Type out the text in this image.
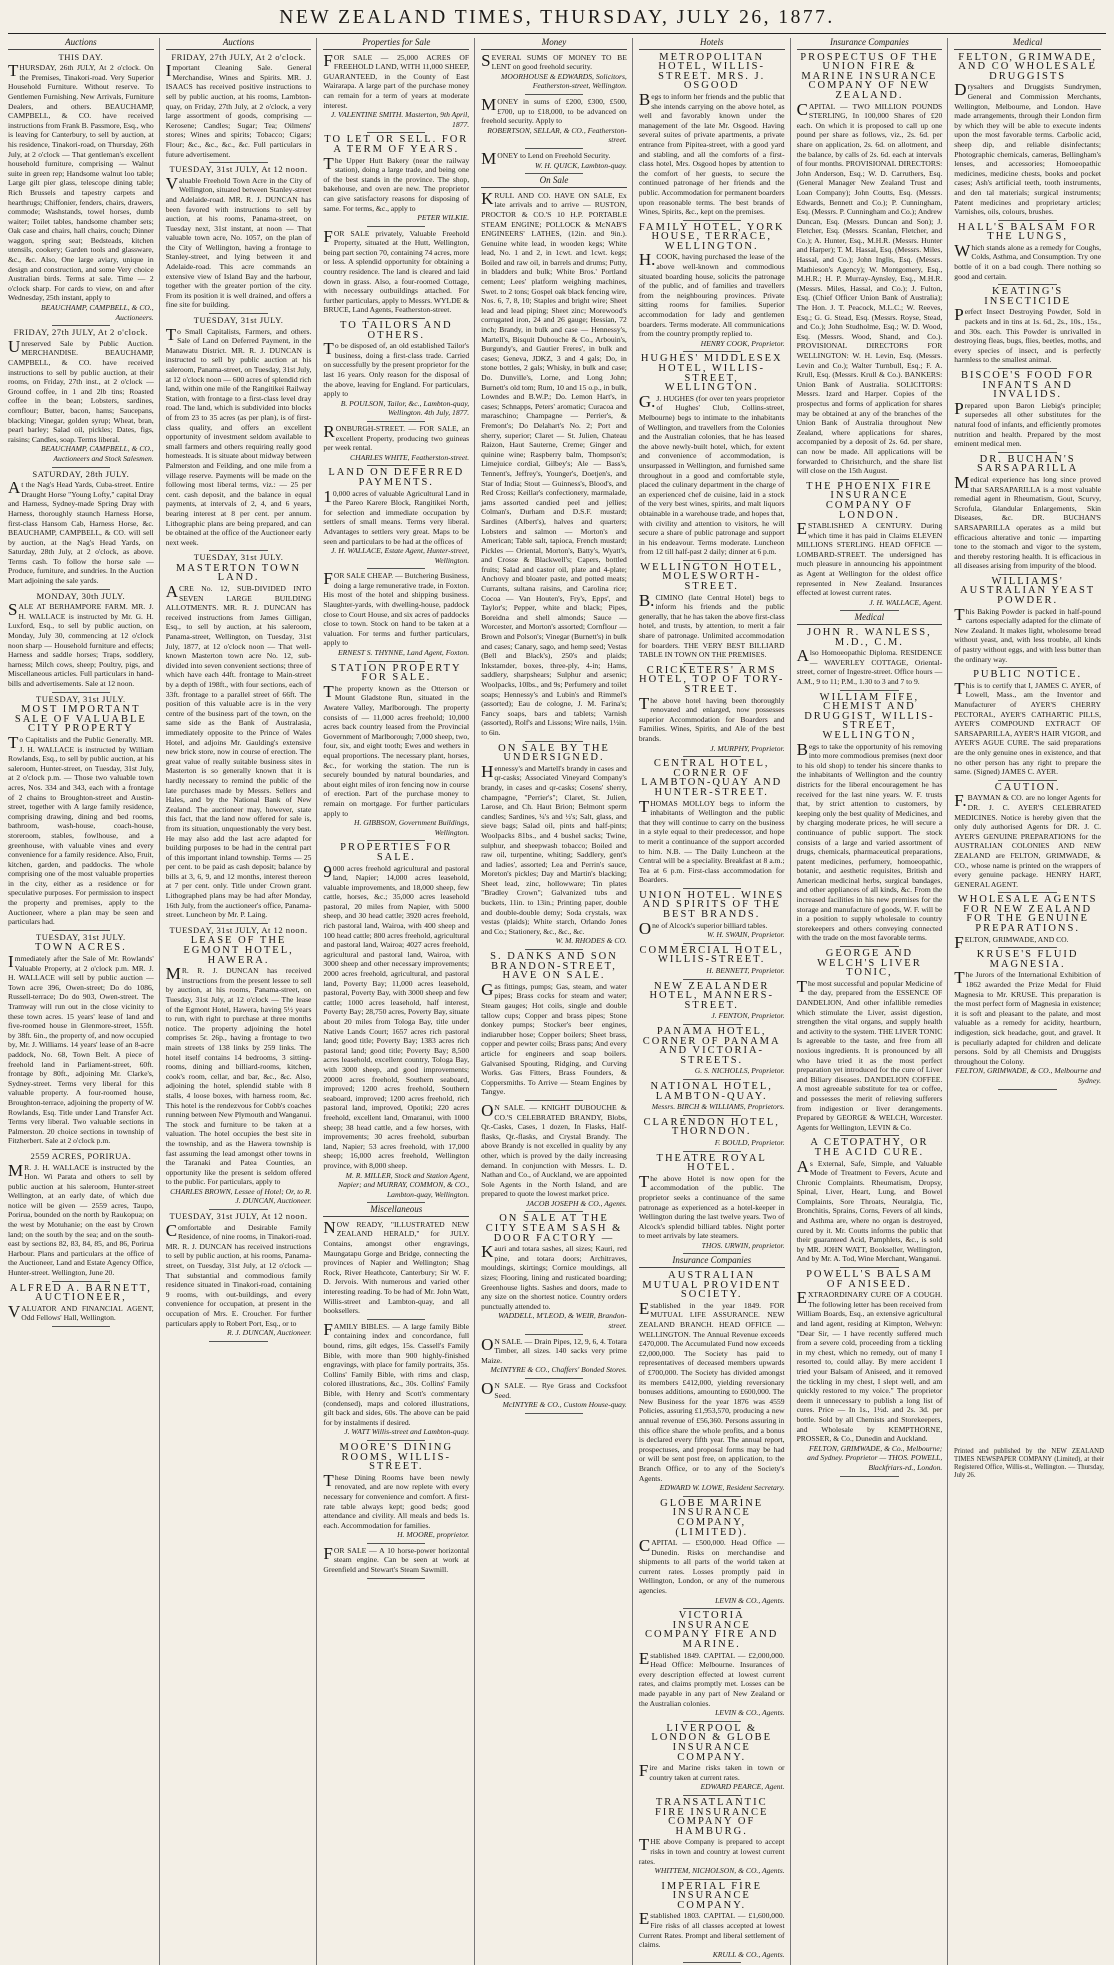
NEW ZEALAND TIMES, THURSDAY, JULY 26, 1877.
Auctions

THIS DAY.

THURSDAY, 26th JULY, At 2 o'clock. On the Premises, Tinakori-road. Very Superior Household Furniture. Without reserve. To Gentlemen Furnishing. New Arrivals, Furniture Dealers, and others. BEAUCHAMP, CAMPBELL, & CO. have received instructions from Frank B. Passmore, Esq., who is leaving for Canterbury, to sell by auction, at his residence, Tinakori-road, on Thursday, 26th July, at 2 o'clock — That gentleman's excellent household furniture, comprising — Walnut suite in green rep; Handsome walnut loo table; Large gilt pier glass, telescope dining table; Rich Brussels and tapestry carpets and hearthrugs; Chiffonier, fenders, chairs, drawers, commode; Washstands, towel horses, dumb waiter; Toilet tables, handsome chamber sets; Oak case and chairs, hall chairs, couch; Dinner waggon, spring seat; Bedsteads, kitchen utensils, cookery; Garden tools and glassware, &c., &c. Also, One large aviary, unique in design and construction, and some Very choice Australian birds. Terms at sale. Time — 2 o'clock sharp. For cards to view, on and after Wednesday, 25th instant, apply to

BEAUCHAMP, CAMPBELL, & CO., Auctioneers.

FRIDAY, 27th JULY, At 2 o'clock.

Unreserved Sale by Public Auction. MERCHANDISE. BEAUCHAMP, CAMPBELL, & CO. have received instructions to sell by public auction, at their rooms, on Friday, 27th inst., at 2 o'clock — Ground coffee, in 1 and 2lb tins; Roasted coffee in the bean; Lobsters, sardines, cornflour; Butter, bacon, hams; Saucepans, blacking; Vinegar, golden syrup; Wheat, bran, pearl barley; Salad oil, pickles; Dates, figs, raisins; Candles, soap. Terms liberal.

BEAUCHAMP, CAMPBELL, & CO., Auctioneers and Stock Salesmen.

SATURDAY, 28th JULY.

At the Nag's Head Yards, Cuba-street. Entire Draught Horse "Young Lofty," capital Dray and Harness, Sydney-made Spring Dray with Harness, thoroughly staunch Harness Horse, first-class Hansom Cab, Harness Horse, &c. BEAUCHAMP, CAMPBELL, & CO. will sell by auction, at the Nag's Head Yards, on Saturday, 28th July, at 2 o'clock, as above. Terms cash. To follow the horse sale — Produce, furniture, and sundries. In the Auction Mart adjoining the sale yards.

MONDAY, 30th JULY.

SALE AT BERHAMPORE FARM. MR. J. H. WALLACE is instructed by Mr. G. H. Luxford, Esq., to sell by public auction, on Monday, July 30, commencing at 12 o'clock noon sharp — Household furniture and effects; Harness and saddle horses; Traps, soddlery, harness; Milch cows, sheep; Poultry, pigs, and Miscellaneous articles. Full particulars in hand-bills and advertisements. Sale at 12 noon.

TUESDAY, 31st JULY.

MOST IMPORTANT SALE OF VALUABLE CITY PROPERTY

To Capitalists and the Public Generally. MR. J. H. WALLACE is instructed by William Rowlands, Esq., to sell by public auction, at his saleroom, Hunter-street, on Tuesday, 31st July, at 2 o'clock p.m. — Those two valuable town acres, Nos. 334 and 343, each with a frontage of 2 chains to Broughton-street and Austin-street, together with A large family residence, comprising drawing, dining and bed rooms, bathroom, wash-house, coach-house, storeroom, stables, fowlhouse, and a greenhouse, with valuable vines and every convenience for a family residence. Also, Fruit, kitchen, garden, and paddocks. The whole comprising one of the most valuable properties in the city, either as a residence or for speculative purposes. For permission to inspect the property and premises, apply to the Auctioneer, where a plan may be seen and particulars had.

TUESDAY, 31st JULY.

TOWN ACRES.

Immediately after the Sale of Mr. Rowlands' Valuable Property, at 2 o'clock p.m. MR. J. H. WALLACE will sell by public auction — Town acre 396, Owen-street; Do do 1086, Russell-terrace; Do do 903, Owen-street. The Tramway will run out in the close vicinity to these town acres. 15 years' lease of land and five-roomed house in Glenmore-street, 155ft. by 38ft. 6in., the property of, and now occupied by, Mr. J. Williams. 14 years' lease of an 8-acre paddock, No. 68, Town Belt. A piece of freehold land in Parliament-street, 60ft. frontage by 80ft., adjoining Mr. Clarke's, Sydney-street. Terms very liberal for this valuable property. A four-roomed house, Broughton-terrace, adjoining the property of W. Rowlands, Esq. Title under Land Transfer Act. Terms very liberal. Two valuable sections in Palmerston. 20 choice sections in township of Fitzherbert. Sale at 2 o'clock p.m.

2559 ACRES, PORIRUA.

MR. J. H. WALLACE is instructed by the Hon. Wi Parata and others to sell by public auction at his saleroom, Hunter-street Wellington, at an early date, of which due notice will be given — 2559 acres, Taupo, Porirua, bounded on the north by Raukopua; on the west by Motuhanie; on the east by Crown land; on the south by the sea; and on the south-east by sections 82, 83, 84, 85, and 86, Porirua Harbour. Plans and particulars at the office of the Auctioneer, Land and Estate Agency Office, Hunter-street. Wellington, June 20.

ALFRED A. BARNETT, AUCTIONEER,

VALUATOR AND FINANCIAL AGENT, Odd Fellows' Hall, Wellington.

Auctions

FRIDAY, 27th JULY, At 2 o'clock.

Important Cleaning Sale. General Merchandise, Wines and Spirits. MR. J. ISAACS has received positive instructions to sell by public auction, at his rooms, Lambton-quay, on Friday, 27th July, at 2 o'clock, a very large assortment of goods, comprising — Kerosene; Candles; Sugar; Tea; Oilmens' stores; Wines and spirits; Tobacco; Cigars; Flour; &c., &c., &c., &c. Full particulars in future advertisement.

TUESDAY, 31st JULY, At 12 noon.

Valuable Freehold Town Acre in the City of Wellington, situated between Stanley-street and Adelaide-road. MR. R. J. DUNCAN has been favored with instructions to sell by auction, at his rooms, Panama-street, on Tuesday next, 31st instant, at noon — That valuable town acre, No. 1057, on the plan of the City of Wellington, having a frontage to Stanley-street, and lying between it and Adelaide-road. This acre commands an extensive view of Island Bay and the harbour, together with the greater portion of the city. From its position it is well drained, and offers a fine site for building.

TUESDAY, 31st JULY.

To Small Capitalists, Farmers, and others. Sale of Land on Deferred Payment, in the Manawatu District. MR. R. J. DUNCAN is instructed to sell by public auction at his saleroom, Panama-street, on Tuesday, 31st July, at 12 o'clock noon — 600 acres of splendid rich land, within one mile of the Rangitikei Railway Station, with frontage to a first-class level dray road. The land, which is subdivided into blocks of from 23 to 35 acres (as per plan), is of first-class quality, and offers an excellent opportunity of investment seldom available to small farmers and others requiring really good homesteads. It is situate about midway between Palmerston and Feilding, and one mile from a village reserve. Payments will be made on the following most liberal terms, viz.: — 25 per cent. cash deposit, and the balance in equal payments, at intervals of 2, 4, and 6 years, bearing interest at 8 per cent. per annum. Lithographic plans are being prepared, and can be obtained at the office of the Auctioneer early next week.

TUESDAY, 31st JULY.

MASTERTON TOWN LAND.

ACRE No. 12, SUB-DIVIDED INTO SEVEN LARGE BUILDING ALLOTMENTS. MR. R. J. DUNCAN has received instructions from James Gilligan, Esq., to sell by auction, at his saleroom, Panama-street, Wellington, on Tuesday, 31st July, 1877, at 12 o'clock noon — That well-known Masterton town acre No. 12, sub-divided into seven convenient sections; three of which have each 44ft. frontage to Main-street by a depth of 198ft., with four sections, each of 33ft. frontage to a parallel street of 66ft. The position of this valuable acre is in the very centre of the business part of the town, on the same side as the Bank of Australasia, immediately opposite to the Prince of Wales Hotel, and adjoins Mr. Gaulding's extensive new brick store, now in course of erection. The great value of really suitable business sites in Masterton is so generally known that it is hardly necessary to remind the public of the late purchases made by Messrs. Sellers and Hales, and by the National Bank of New Zealand. The auctioneer may, however, state this fact, that the land now offered for sale is, from its situation, unquestionably the very best. He may also add the last acre adapted for building purposes to be had in the central part of this important inland township. Terms — 25 per cent. to be paid as cash deposit; balance by bills at 3, 6, 9, and 12 months, interest thereon at 7 per cent. only. Title under Crown grant. Lithographed plans may be had after Monday, 16th July, from the auctioneer's office, Panama-street. Luncheon by Mr. P. Laing.

TUESDAY, 31st JULY, At 12 noon.

LEASE OF THE EGMONT HOTEL, HAWERA.

MR. R. J. DUNCAN has received instructions from the present lessee to sell by auction, at his rooms, Panama-street, on Tuesday, 31st July, at 12 o'clock — The lease of the Egmont Hotel, Hawera, having 5½ years to run, with right to purchase at three months notice. The property adjoining the hotel comprises 5r. 26p., having a frontage to two main streets of 138 links by 259 links. The hotel itself contains 14 bedrooms, 3 sitting-rooms, dining and billiard-rooms, kitchen, cook's room, cellar, and bar, &c., &c. Also, adjoining the hotel, splendid stable with 8 stalls, 4 loose boxes, with harness room, &c. This hotel is the rendezvous for Cobb's coaches running between New Plymouth and Wanganui. The stock and furniture to be taken at a valuation. The hotel occupies the best site in the township, and as the Hawera township is fast assuming the lead amongst other towns in the Taranaki and Patea Counties, an opportunity like the present is seldom offered to the public. For particulars, apply to

CHARLES BROWN, Lessee of Hotel; Or, to R. J. DUNCAN, Auctioneer.

TUESDAY, 31st JULY, At 12 noon.

Comfortable and Desirable Family Residence, of nine rooms, in Tinakori-road. MR. R. J. DUNCAN has received instructions to sell by public auction, at his rooms, Panama-street, on Tuesday, 31st July, at 12 o'clock — That substantial and commodious family residence situated in Tinakori-road, containing 9 rooms, with out-buildings, and every convenience for occupation, at present in the occupation of Mrs. E. Croucher. For further particulars apply to Robert Port, Esq., or to

R. J. DUNCAN, Auctioneer.

Properties for Sale

FOR SALE — 25,000 ACRES OF FREEHOLD LAND, WITH 11,000 SHEEP, GUARANTEED, in the County of East Wairarapa. A large part of the purchase money can remain for a term of years at moderate interest.

J. VALENTINE SMITH. Masterton, 9th April, 1877.

TO LET OR SELL. FOR A TERM OF YEARS.

The Upper Hutt Bakery (near the railway station), doing a large trade, and being one of the best stands in the province. The shop, bakehouse, and oven are new. The proprietor can give satisfactory reasons for disposing of same. For terms, &c., apply to

PETER WILKIE.

FOR SALE privately, Valuable Freehold Property, situated at the Hutt, Wellington, being part section 70, containing 74 acres, more or less. A splendid opportunity for obtaining a country residence. The land is cleared and laid down in grass. Also, a four-roomed Cottage, with necessary outbuildings attached. For further particulars, apply to Messrs. WYLDE & BRUCE, Land Agents, Featherston-street.

TO TAILORS AND OTHERS.

To be disposed of, an old established Tailor's business, doing a first-class trade. Carried on successfully by the present proprietor for the last 16 years. Only reason for the disposal of the above, leaving for England. For particulars, apply to

B. POULSON, Tailor, &c., Lambton-quay, Wellington. 4th July, 1877.

RONBURGH-STREET. — FOR SALE, an excellent Property, producing two guineas per week rental.

CHARLES WHITE, Featherston-street.

LAND ON DEFERRED PAYMENTS.

10,000 acres of valuable Agricultural Land in the Pareo Karere Block, Rangitikei North, for selection and immediate occupation by settlers of small means. Terms very liberal. Advantages to settlers very great. Maps to be seen and particulars to be had at the offices of

J. H. WALLACE, Estate Agent, Hunter-street, Wellington.

FOR SALE CHEAP. — Butchering Business, doing a large remunerative trade, in Foxton. His most of the hotel and shipping business. Slaughter-yards, with dwelling-house, paddock close to Court House, and six acres of paddocks close to town. Stock on hand to be taken at a valuation. For terms and further particulars, apply to

ERNEST S. THYNNE, Land Agent, Foxton.

STATION PROPERTY FOR SALE.

The property known as the Otterson or Mount Gladstone Run, situated in the Awatere Valley, Marlborough. The property consists of — 11,000 acres freehold; 10,000 acres back country leased from the Provincial Government of Marlborough; 7,000 sheep, two, four, six, and eight tooth; Ewes and wethers in equal proportions. The necessary plant, horses, &c., for working the station. The run is securely bounded by natural boundaries, and about eight miles of iron fencing now in course of erection. Part of the purchase money to remain on mortgage. For further particulars apply to

H. GIBBSON, Government Buildings, Wellington.

PROPERTIES FOR SALE.

9000 acres freehold agricultural and pastoral land, Napier; 14,000 acres leasehold, valuable improvements, and 18,000 sheep, few cattle, horses, &c.; 35,000 acres leasehold pastoral, 20 miles from Napier, with 5000 sheep, and 30 head cattle; 3920 acres freehold, rich pastoral land, Wairoa, with 400 sheep and 100 head cattle; 800 acres freehold, agricultural and pastoral land, Wairoa; 4027 acres freehold, agricultural and pastoral land, Wairoa, with 3000 sheep and other necessary improvements; 2000 acres freehold, agricultural, and pastoral land, Poverty Bay; 11,000 acres leasehold, pastoral, Poverty Bay, with 3000 sheep and few cattle; 1000 acres leasehold, half interest, Poverty Bay; 28,750 acres, Poverty Bay, situate about 20 miles from Tologa Bay, title under Native Lands Court; 1657 acres rich pastoral land; good title; Poverty Bay; 1383 acres rich pastoral land; good title; Poverty Bay; 8,500 acres leasehold, excellent country, Tologa Bay, with 3000 sheep, and good improvements; 20000 acres freehold, Southern seaboard, improved; 1200 acres freehold, Southern seaboard, improved; 1200 acres freehold, rich pastoral land, improved, Opotiki; 220 acres freehold, excellent land, Omaranui, with 1000 sheep; 38 head cattle, and a few horses, with improvements; 30 acres freehold, suburban land, Napier; 53 acres freehold, with 17,000 sheep; 16,000 acres freehold, Wellington province, with 8,000 sheep.

M. R. MILLER, Stock and Station Agent, Napier; and MURRAY, COMMON, & CO., Lambton-quay, Wellington.

Miscellaneous

NOW READY, "ILLUSTRATED NEW ZEALAND HERALD," for JULY. Contains, amongst other engravings, Maungatapu Gorge and Bridge, connecting the provinces of Napier and Wellington; Shag Rock, River Heathcote, Canterbury; Sir W. F. D. Jervois. With numerous and varied other interesting reading. To be had of Mr. John Watt, Willis-street and Lambton-quay, and all booksellers.

FAMILY BIBLES. — A large family Bible containing index and concordance, full bound, rims, gilt edges, 15s. Cassell's Family Bible, with more than 900 highly-finished engravings, with place for family portraits, 35s. Collins' Family Bible, with rims and clasp, colored illustrations, &c., 30s. Collins' Family Bible, with Henry and Scott's commentary (condensed), maps and colored illustrations, gilt back and sides, 60s. The above can be paid for by instalments if desired.

J. WATT Willis-street and Lambton-quay.

MOORE'S DINING ROOMS, WILLIS-STREET.

These Dining Rooms have been newly renovated, and are now replete with every necessary for convenience and comfort. A first-rate table always kept; good beds; good attendance and civility. All meals and beds 1s. each. Accommodation for families.

H. MOORE, proprietor.

FOR SALE — A 10 horse-power horizontal steam engine. Can be seen at work at Greenfield and Stewart's Steam Sawmill.

Money

SEVERAL SUMS OF MONEY TO BE LENT on good freehold security.

MOORHOUSE & EDWARDS, Solicitors, Featherston-street, Wellington.

MONEY in sums of £200, £300, £500, £700, up to £18,000, to be advanced on freehold security. Apply to

ROBERTSON, SELLAR, & CO., Featherston-street.

MONEY to Lend on Freehold Security.

W. H. QUICK, Lambton-quay.

On Sale

KRULL AND CO. HAVE ON SALE, Ex late arrivals and to arrive — RUSTON, PROCTOR & CO.'S 10 H.P. PORTABLE STEAM ENGINE; POLLOCK & McNAB'S ENGINEERS' LATHES, (12in. and 9in.). Genuine white lead, in wooden kegs; White lead, No. 1 and 2, in 1cwt. and 1cwt. kegs; Boiled and raw oil, in barrels and drums; Putty, in bladders and bulk; White Bros.' Portland cement; Lees' platform weighing machines, Swet. to 2 tons; Gospel oak black fencing wire, Nos. 6, 7, 8, 10; Staples and bright wire; Sheet lead and lead piping; Sheet zinc; Morewood's corrugated iron, 24 and 26 gauge; Hessian, 72 inch; Brandy, in bulk and case — Hennessy's, Martell's, Bisquit Dubouche & Co., Arbouin's, Burgundy's, and Gautier Freres', in bulk and cases; Geneva, JDKZ, 3 and 4 gals; Do, in stone bottles, 2 gals; Whisky, in bulk and case; Do. Dunville's, Lorne, and Long John; Burnett's old tom; Rum, 10 and 15 o.p., in bulk, Lowndes and B.W.P.; Do. Lemon Hart's, in cases; Schnapps, Peters' aromatic; Curacoa and maraschino; Champagne — Perrier's, & Fremont's; Do Delahart's No. 2; Port and sherry, superior; Claret — St. Julien, Chateau Raizon, Haut Sauterne, Creme; Ginger and quinine wine; Raspberry balm, Thompson's; Limejuice cordial, Gilbey's; Ale — Bass's, Tennent's, Jeffrey's, Younger's, Doetjen's, and Star of India; Stout — Guinness's, Blood's, and Red Cross; Keillar's confectionery, marmalade, jams assorted candied peel and jellies; Colman's, Durham and D.S.F. mustard; Sardines (Albert's), halves and quarters; Lobsters and salmon — Morton's and American; Table salt, tapioca, French mustard; Pickles — Oriental, Morton's, Batty's, Wyatt's, and Crosse & Blackwell's; Capers, bottled fruits; Salad and castor oil, plate and 4-plate; Anchovy and bloater paste, and potted meats; Currants, sultana raisins, and Carolina rice; Cocoa — Van Houten's, Fry's, Epps', and Taylor's; Pepper, white and black; Pipes, Boreidna and shell almonds; Sauce — Worcester, and Morton's assorted; Cornflour — Brown and Polson's; Vinegar (Burnett's) in bulk and cases; Canary, sago, and hemp seed; Vestas (Bell and Black's), 250's and plaids; Inkstamder, boxes, three-ply, 4-in; Hams, saddlery, sharpshears; Sulphur and arsenic; Woolpacks, 10lbs., and 9s; Perfumery and toilet soaps; Hennessy's and Lubin's and Rimmel's (assorted); Eau de cologne, J. M. Farina's; Fancy soaps, bars and tablets; Varnish (assorted), Rolf's and Lissons; Wire nails, 1½in. to 6in.

ON SALE BY THE UNDERSIGNED.

Hennessy's and Martell's brandy in cases and qr-casks; Associated Vineyard Company's brandy, in cases and qr-casks; Cosens' sherry, champagne, "Perrier's"; Claret, St. Julien, Larose, and Ch. Haut Brion; Belmont sperm candles; Sardines, ¼'s and ½'s; Salt, glass, and sieve bags; Salad oil, pints and half-pints; Woolpacks 81bs., and 4 bushel sacks; Twine, sulphur, and sheepwash tobacco; Boiled and raw oil, turpentine, whiting; Saddlery, gent's and ladies', assorted; Lea and Perrin's sauce, Moreton's pickles; Day and Martin's blacking; Sheet lead, zinc, hollowware; Tin plates "Bradley Crown"; Galvanized tubs and buckets, 11in. to 13in.; Printing paper, double and double-double demy; Soda crystals, wax vestas (plaids); White starch, Orlando Jones and Co.; Stationery, &c., &c., &c.

W. M. RHODES & CO.

S. DANKS AND SON BRANDON-STREET, HAVE ON SALE.

Gas fittings, pumps; Gas, steam, and water pipes; Brass cocks for steam and water; Steam gauges; Hot coils, single and double tallow cups; Copper and brass pipes; Stone donkey pumps; Stocker's beer engines, indiarubber hose; Copper boilers; Sheet brass, copper and pewter coils; Brass pans; And every article for engineers and soap boilers. Galvanised Spouting, Ridging, and Curving Works. Gas Fitters, Brass Founders, & Coppersmiths. To Arrive — Steam Engines by Tangye.

ON SALE. — KNIGHT DUBOUCHE & CO.'S CELEBRATED BRANDY, Blobs, Qr.-Casks, Cases, 1 dozen, In Flasks, Half-flasks, Qr.-flasks, and Crystal Brandy. The above Brandy is not excelled in quality by any other, which is proved by the daily increasing demand. In conjunction with Messrs. L. D. Nathan and Co., of Auckland, we are appointed Sole Agents in the North Island, and are prepared to quote the lowest market price.

JACOB JOSEPH & CO., Agents.

ON SALE AT THE CITY STEAM SASH & DOOR FACTORY —

Kauri and totara sashes, all sizes; Kauri, red pine, and totara doors; Architraves, mouldings, skirtings; Cornice mouldings, all sizes; Flooring, lining and rusticated boarding; Greenhouse lights. Sashes and doors, made to any size on the shortest notice. Country orders punctually attended to.

WADDELL, M'LEOD, & WEIR, Brandon-street.

ON SALE. — Drain Pipes, 12, 9, 6, 4. Totara Timber, all sizes. 140 sacks very prime Maize.

McINTYRE & CO., Chaffers' Bonded Stores.

ON SALE. — Rye Grass and Cocksfoot Seed.

McINTYRE & CO., Custom House-quay.

Hotels

METROPOLITAN HOTEL, WILLIS-STREET. MRS. J. OSGOOD

Begs to inform her friends and the public that she intends carrying on the above hotel, as well and favorably known under the management of the late Mr. Osgood. Having several suites of private apartments, a private entrance from Pipitea-street, with a good yard and stabling, and all the comforts of a first-class hotel, Mrs. Osgood hopes by attention to the comfort of her guests, to secure the continued patronage of her friends and the public. Accommodation for permanent boarders upon reasonable terms. The best brands of Wines, Spirits, &c., kept on the premises.

FAMILY HOTEL, YORK HOUSE, TERRACE, WELLINGTON.

H.COOK, having purchased the lease of the above well-known and commodious situated boarding house, solicits the patronage of the public, and of families and travellers from the neighbouring provinces. Private sitting rooms for families. Superior accommodation for lady and gentlemen boarders. Terms moderate. All communications from the country promptly replied to.

HENRY COOK, Proprietor.

HUGHES' MIDDLESEX HOTEL, WILLIS-STREET, WELLINGTON.

G.J. HUGHES (for over ten years proprietor of Hughes' Club, Collins-street, Melbourne) begs to intimate to the inhabitants of Wellington, and travellers from the Colonies and the Australian colonies, that he has leased the above newly-built hotel, which, for extent and convenience of accommodation, is unsurpassed in Wellington, and furnished same throughout in a good and comfortable style, placed the culinary department in the charge of an experienced chef de cuisine, laid in a stock of the very best wines, spirits, and malt liquors obtainable in a warehouse trade, and hopes that, with civility and attention to visitors, he will secure a share of public patronage and support in his endeavour. Terms moderate. Luncheon from 12 till half-past 2 daily; dinner at 6 p.m.

WELLINGTON HOTEL, MOLESWORTH-STREET.

B.CIMINO (late Central Hotel) begs to inform his friends and the public generally, that he has taken the above first-class hotel, and trusts, by attention, to merit a fair share of patronage. Unlimited accommodation for boarders. THE VERY BEST BILLIARD TABLE IN TOWN ON THE PREMISES.

CRICKETERS' ARMS HOTEL, TOP OF TORY-STREET.

The above hotel having been thoroughly renovated and enlarged, now possesses superior Accommodation for Boarders and Families. Wines, Spirits, and Ale of the best brands.

J. MURPHY, Proprietor.

CENTRAL HOTEL, CORNER OF LAMBTON-QUAY AND HUNTER-STREET.

THOMAS MOLLOY begs to inform the inhabitants of Wellington and the public that they will continue to carry on the business in a style equal to their predecessor, and hope to merit a continuance of the support accorded to him. N.B. — The Daily Luncheon at the Central will be a speciality. Breakfast at 8 a.m.; Tea at 6 p.m. First-class accommodation for Boarders.

UNION HOTEL. WINES AND SPIRITS OF THE BEST BRANDS.

One of Alcock's superior billiard tables.

W. H. SWAIN, Proprietor.

COMMERCIAL HOTEL, WILLIS-STREET.

H. BENNETT, Proprietor.

NEW ZEALANDER HOTEL, MANNERS-STREET.

J. FENTON, Proprietor.

PANAMA HOTEL, CORNER OF PANAMA AND VICTORIA-STREETS.

G. S. NICHOLLS, Proprietor.

NATIONAL HOTEL, LAMBTON-QUAY.

Messrs. BIRCH & WILLIAMS, Proprietors.

CLARENDON HOTEL, THORNDON.

F. BOULD, Proprietor.

THEATRE ROYAL HOTEL.

The above Hotel is now open for the accommodation of the public. The proprietor seeks a continuance of the same patronage as experienced as a hotel-keeper in Wellington during the last twelve years. Two of Alcock's splendid billiard tables. Night porter to meet arrivals by late steamers.

THOS. URWIN, proprietor.

Insurance Companies

AUSTRALIAN MUTUAL PROVIDENT SOCIETY.

Established in the year 1849. FOR MUTUAL LIFE ASSURANCE. NEW ZEALAND BRANCH. HEAD OFFICE — WELLINGTON. The Annual Revenue exceeds £470,000. The Accumulated Fund now exceeds £2,000,000. The Society has paid to representatives of deceased members upwards of £700,000. The Society has divided amongst its members £412,000, yielding reversionary bonuses additions, amounting to £600,000. The New Business for the year 1876 was 4559 Policies, assuring £1,953,570, producing a new annual revenue of £56,360. Persons assuring in this office share the whole profits, and a bonus is declared every fifth year. The annual report, prospectuses, and proposal forms may be had or will be sent post free, on application, to the Branch Office, or to any of the Society's Agents.

EDWARD W. LOWE, Resident Secretary.

GLOBE MARINE INSURANCE COMPANY, (LIMITED).

CAPITAL — £500,000. Head Office — Dunedin. Risks on merchandise and shipments to all parts of the world taken at current rates. Losses promptly paid in Wellington, London, or any of the numerous agencies.

LEVIN & CO., Agents.

VICTORIA INSURANCE COMPANY FIRE AND MARINE.

Established 1849. CAPITAL — £2,000,000. Head Office: Melbourne. Insurances of every description effected at lowest current rates, and claims promptly met. Losses can be made payable in any part of New Zealand or the Australian colonies.

LEVIN & CO., Agents.

LIVERPOOL & LONDON & GLOBE INSURANCE COMPANY.

Fire and Marine risks taken in town or country taken at current rates.

EDWARD PEARCE, Agent.

TRANSATLANTIC FIRE INSURANCE COMPANY OF HAMBURG.

THE above Company is prepared to accept risks in town and country at lowest current rates.

WHITTEM, NICHOLSON, & CO., Agents.

IMPERIAL FIRE INSURANCE COMPANY.

Established 1803. CAPITAL — £1,600,000. Fire risks of all classes accepted at lowest Current Rates. Prompt and liberal settlement of claims.

KRULL & CO., Agents.

Insurance Companies

PROSPECTUS OF THE UNION FIRE & MARINE INSURANCE COMPANY OF NEW ZEALAND.

CAPITAL — TWO MILLION POUNDS STERLING, In 100,000 Shares of £20 each. On which it is proposed to call up one pound per share as follows, viz., 2s. 6d. per share on application, 2s. 6d. on allotment, and the balance, by calls of 2s. 6d. each at intervals of four months. PROVISIONAL DIRECTORS: John Anderson, Esq.; W. D. Carruthers, Esq. (General Manager New Zealand Trust and Loan Company); John Coutts, Esq. (Messrs. Edwards, Bennett and Co.); P. Cunningham, Esq. (Messrs. P. Cunningham and Co.); Andrew Duncan, Esq. (Messrs. Duncan and Son); J. Fletcher, Esq. (Messrs. Scanlan, Fletcher, and Co.); A. Hunter, Esq., M.H.R. (Messrs. Hunter and Harper); T. M. Hassal, Esq. (Messrs. Miles, Hassal, and Co.); John Inglis, Esq. (Messrs. Mathieson's Agency); W. Montgomery, Esq., M.H.R.; H. P. Murray-Aynsley, Esq., M.H.R. (Messrs. Miles, Hassal, and Co.); J. Fulton, Esq. (Chief Officer Union Bank of Australia); The Hon. J. T. Peacock, M.L.C.; W. Reeves, Esq.; G. G. Stead, Esq. (Messrs. Royse, Stead, and Co.); John Studholme, Esq.; W. D. Wood, Esq. (Messrs. Wood, Shand, and Co.). PROVISIONAL DIRECTORS FOR WELLINGTON: W. H. Levin, Esq. (Messrs. Levin and Co.); Walter Turnbull, Esq.; F. A. Krull, Esq. (Messrs. Krull & Co.). BANKERS: Union Bank of Australia. SOLICITORS: Messrs. Izard and Harper. Copies of the prospectus and forms of application for shares may be obtained at any of the branches of the Union Bank of Australia throughout New Zealand, where applications for shares, accompanied by a deposit of 2s. 6d. per share, can now be made. All applications will be forwarded to Christchurch, and the share list will close on the 15th August.

THE PHOENIX FIRE INSURANCE COMPANY OF LONDON.

ESTABLISHED A CENTURY. During which time it has paid in Claims ELEVEN MILLIONS STERLING. HEAD OFFICE — LOMBARD-STREET. The undersigned has much pleasure in announcing his appointment as Agent at Wellington for the oldest office represented in New Zealand. Insurances effected at lowest current rates.

J. H. WALLACE, Agent.

Medical

JOHN R. WANLESS, M.D., C.M.

Also Homoeopathic Diploma. RESIDENCE — WAVERLEY COTTAGE, Oriental-street, corner of Ingestre-street. Office hours — A.M., 9 to 11; P.M., 1.30 to 3 and 7 to 9.

WILLIAM FIFE, CHEMIST AND DRUGGIST, WILLIS-STREET, WELLINGTON,

Begs to take the opportunity of his removing into more commodious premises (next door to his old shop) to tender his sincere thanks to the inhabitants of Wellington and the country districts for the liberal encouragement he has received for the last nine years. W. F. trusts that, by strict attention to customers, by keeping only the best quality of Medicines, and by charging moderate prices, he will secure a continuance of public support. The stock consists of a large and varied assortment of drugs, chemicals, pharmaceutical preparations, patent medicines, perfumery, homoeopathic, botanic, and aesthetic requisites, British and American medicinal herbs, surgical bandages, and other appliances of all kinds, &c. From the increased facilities in his new premises for the storage and manufacture of goods, W. F. will be in a position to supply wholesale to country storekeepers and others conveying connected with the trade on the most favorable terms.

GEORGE AND WELCH'S LIVER TONIC,

The most successful and popular Medicine of the day, prepared from the ESSENCE OF DANDELION, And other infallible remedies which stimulate the Liver, assist digestion, strengthen the vital organs, and supply health and activity to the system. THE LIVER TONIC Is agreeable to the taste, and free from all noxious ingredients. It is pronounced by all who have tried it as the most perfect preparation yet introduced for the cure of Liver and Biliary diseases. DANDELION COFFEE. A most agreeable substitute for tea or coffee, and possesses the merit of relieving sufferers from indigestion or liver derangements. Prepared by GEORGE & WELCH, Worcester. Agents for Wellington, LEVIN & Co.

A CETOPATHY, OR THE ACID CURE.

As External, Safe, Simple, and Valuable Mode of Treatment to Fevers, Acute and Chronic Complaints. Rheumatism, Dropsy, Spinal, Liver, Heart, Lung, and Bowel Complaints, Sore Throats, Neuralgia, Tic, Bronchitis, Sprains, Corns, Fevers of all kinds, and Asthma are, where no organ is destroyed, cured by it. Mr. Coutts informs the public that their guaranteed Acid, Pamphlets, &c., is sold by MR. JOHN WATT, Bookseller, Wellington, And by Mr. A. Tod, Wine Merchant, Wanganui.

POWELL'S BALSAM OF ANISEED.

EXTRAORDINARY CURE OF A COUGH. The following letter has been received from William Boards, Esq., an extensive agricultural and land agent, residing at Kimpton, Welwyn: "Dear Sir, — I have recently suffered much from a severe cold, proceeding from a tickling in my chest, which no remedy, out of many I resorted to, could allay. By mere accident I tried your Balsam of Aniseed, and it removed the tickling in my chest, I slept well, and am quickly restored to my voice." The proprietor deem it unnecessary to publish a long list of cures. Price — In 1s., 1½d. and 2s. 3d. per bottle. Sold by all Chemists and Storekeepers, and Wholesale by KEMPTHORNE, PROSSER, & Co., Dunedin and Auckland.

FELTON, GRIMWADE, & Co., Melbourne; and Sydney. Proprietor — THOS. POWELL, Blackfriars-rd., London.

Medical

FELTON, GRIMWADE, AND CO WHOLESALE DRUGGISTS

Drysalters and Druggists Sundrymen, General and Commission Merchants, Wellington, Melbourne, and London. Have made arrangements, through their London firm by which they will be able to execute indents upon the most favorable terms. Carbolic acid, sheep dip, and reliable disinfectants; Photographic chemicals, cameras, Bellingham's lenses, and accessories; Homoeopathic medicines, medicine chests, books and pocket cases; Ash's artificial teeth, tooth instruments, and den tal materials; surgical instruments; Patent medicines and proprietary articles; Varnishes, oils, colours, brushes.

HALL'S BALSAM FOR THE LUNGS,

Which stands alone as a remedy for Coughs, Colds, Asthma, and Consumption. Try one bottle of it on a bad cough. There nothing so good and certain.

KEATING'S INSECTICIDE

Perfect Insect Destroying Powder, Sold in packets and in tins at 1s. 6d., 2s., 10s., 15s., and 30s. each. This Powder is unrivalled in destroying fleas, bugs, flies, beetles, moths, and every species of insect, and is perfectly harmless to the smallest animal.

BISCOE'S FOOD FOR INFANTS AND INVALIDS.

Prepared upon Baron Liebig's principle; supersedes all other substitutes for the natural food of infants, and efficiently promotes nutrition and health. Prepared by the most eminent medical men.

DR. BUCHAN'S SARSAPARILLA

Medical experience has long since proved that SARSAPARILLA is a most valuable remedial agent in Rheumatism, Gout, Scurvy, Scrofula, Glandular Enlargements, Skin Diseases, &c. DR. BUCHAN'S SARSAPARILLA operates as a mild but efficacious alterative and tonic — imparting tone to the stomach and vigor to the system, and thereby restoring health. It is efficacious in all diseases arising from impurity of the blood.

WILLIAMS' AUSTRALIAN YEAST POWDER.

This Baking Powder is packed in half-pound cartons especially adapted for the climate of New Zealand. It makes light, wholesome bread without yeast, and, with less trouble, all kinds of pastry without eggs, and with less butter than the ordinary way.

PUBLIC NOTICE.

This is to certify that I, JAMES C. AYER, of Lowell, Mass., am the Inventor and Manufacturer of AYER'S CHERRY PECTORAL, AYER'S CATHARTIC PILLS, AYER'S COMPOUND EXTRACT OF SARSAPARILLA, AYER'S HAIR VIGOR, and AYER'S AGUE CURE. The said preparations are the only genuine ones in existence, and that no other person has any right to prepare the same. (Signed) JAMES C. AYER.

CAUTION.

F.BAYMAN & CO. are no longer Agents for DR. J. C. AYER'S CELEBRATED MEDICINES. Notice is hereby given that the only duly authorised Agents for DR. J. C. AYER'S GENUINE PREPARATIONS for the AUSTRALIAN COLONIES AND NEW ZEALAND are FELTON, GRIMWADE, & CO., whose name is printed on the wrappers of every genuine package. HENRY HART, GENERAL AGENT.

WHOLESALE AGENTS FOR NEW ZEALAND FOR THE GENUINE PREPARATIONS.

FELTON, GRIMWADE, AND CO.

KRUSE'S FLUID MAGNESIA.

The Jurors of the International Exhibition of 1862 awarded the Prize Medal for Fluid Magnesia to Mr. KRUSE. This preparation is the most perfect form of Magnesia in existence; it is soft and pleasant to the palate, and most valuable as a remedy for acidity, heartburn, indigestion, sick headache, gout, and gravel. It is peculiarly adapted for children and delicate persons. Sold by all Chemists and Druggists throughout the Colony.

FELTON, GRIMWADE, & CO., Melbourne and Sydney.

Printed and published by the NEW ZEALAND TIMES NEWSPAPER COMPANY (Limited), at their Registered Office, Willis-st., Wellington. — Thursday, July 26.
